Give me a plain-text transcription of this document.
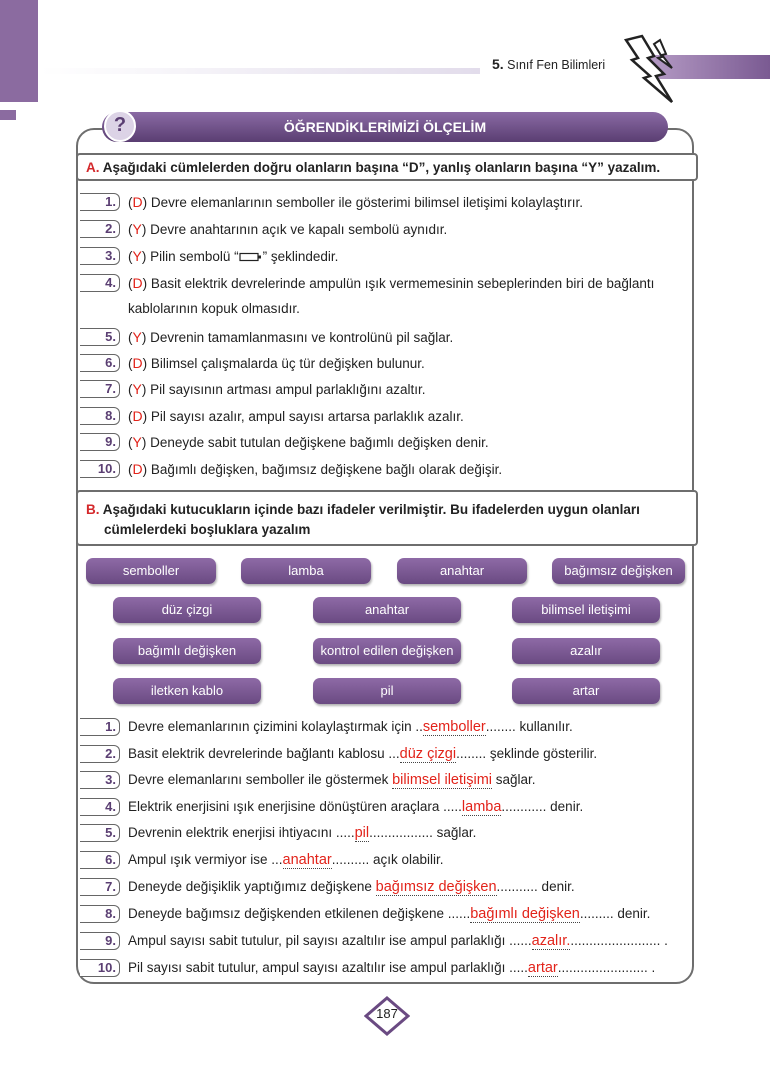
5. Sınıf Fen Bilimleri
ÖĞRENDİKLERİMİZİ ÖLÇELİM
?
A. Aşağıdaki cümlelerden doğru olanların başına “D”, yanlış olanların başına “Y” yazalım.
1. (D) Devre elemanlarının semboller ile gösterimi bilimsel iletişimi kolaylaştırır.
2. (Y) Devre anahtarının açık ve kapalı sembolü aynıdır.
3. (Y) Pilin sembolü “ ” şeklindedir.
4. (D) Basit elektrik devrelerinde ampulün ışık vermemesinin sebeplerinden biri de bağlantı
kablolarının kopuk olmasıdır.
5. (Y) Devrenin tamamlanmasını ve kontrolünü pil sağlar.
6. (D) Bilimsel çalışmalarda üç tür değişken bulunur.
7. (Y) Pil sayısının artması ampul parlaklığını azaltır.
8. (D) Pil sayısı azalır, ampul sayısı artarsa parlaklık azalır.
9. (Y) Deneyde sabit tutulan değişkene bağımlı değişken denir.
10. (D) Bağımlı değişken, bağımsız değişkene bağlı olarak değişir.
B. Aşağıdaki kutucukların içinde bazı ifadeler verilmiştir. Bu ifadelerden uygun olanları
cümlelerdeki boşluklara yazalım
semboller	lamba	anahtar	bağımsız değişken
düz çizgi	anahtar	bilimsel iletişimi
bağımlı değişken	kontrol edilen değişken	azalır
iletken kablo	pil	artar
1. Devre elemanlarının çizimini kolaylaştırmak için ..semboller........ kullanılır.
2. Basit elektrik devrelerinde bağlantı kablosu ...düz çizgi........ şeklinde gösterilir.
3. Devre elemanlarını semboller ile göstermek bilimsel iletişimi sağlar.
4. Elektrik enerjisini ışık enerjisine dönüştüren araçlara .....lamba............ denir.
5. Devrenin elektrik enerjisi ihtiyacını .....pil................. sağlar.
6. Ampul ışık vermiyor ise ...anahtar.......... açık olabilir.
7. Deneyde değişiklik yaptığımız değişkene bağımsız değişken........... denir.
8. Deneyde bağımsız değişkenden etkilenen değişkene ......bağımlı değişken......... denir.
9. Ampul sayısı sabit tutulur, pil sayısı azaltılır ise ampul parlaklığı ......azalır......................... .
10. Pil sayısı sabit tutulur, ampul sayısı azaltılır ise ampul parlaklığı .....artar........................ .
187
